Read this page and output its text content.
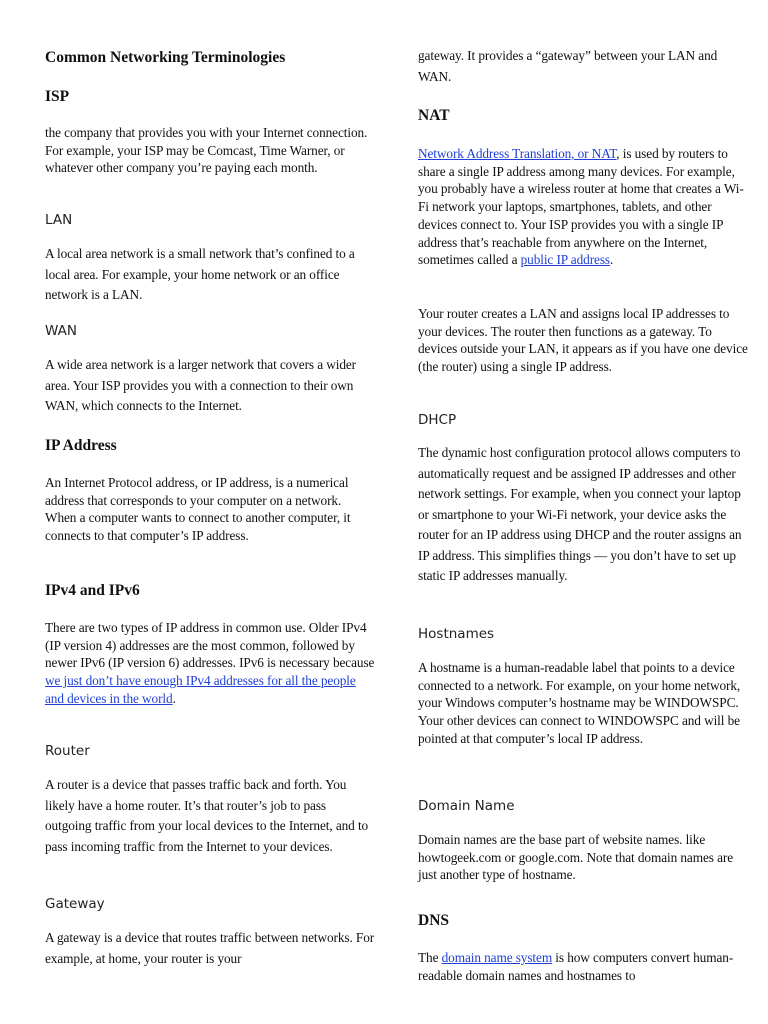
Common Networking Terminologies
ISP

the company that provides you with your Internet connection. For example, your ISP may be Comcast, Time Warner, or whatever other company you’re paying each month.

LAN

A local area network is a small network that’s confined to a local area. For example, your home network or an office network is a LAN.

WAN

A wide area network is a larger network that covers a wider area. Your ISP provides you with a connection to their own WAN, which connects to the Internet.

IP Address

An Internet Protocol address, or IP address, is a numerical address that corresponds to your computer on a network. When a computer wants to connect to another computer, it connects to that computer’s IP address.

IPv4 and IPv6

There are two types of IP address in common use. Older IPv4 (IP version 4) addresses are the most common, followed by newer IPv6 (IP version 6) addresses. IPv6 is necessary because we just don’t have enough IPv4 addresses for all the people and devices in the world.

Router

A router is a device that passes traffic back and forth. You likely have a home router. It’s that router’s job to pass outgoing traffic from your local devices to the Internet, and to pass incoming traffic from the Internet to your devices.

Gateway

A gateway is a device that routes traffic between networks. For example, at home, your router is your

gateway. It provides a “gateway” between your LAN and WAN.

NAT

Network Address Translation, or NAT, is used by routers to share a single IP address among many devices. For example, you probably have a wireless router at home that creates a Wi-Fi network your laptops, smartphones, tablets, and other devices connect to. Your ISP provides you with a single IP address that’s reachable from anywhere on the Internet, sometimes called a public IP address.

Your router creates a LAN and assigns local IP addresses to your devices. The router then functions as a gateway. To devices outside your LAN, it appears as if you have one device (the router) using a single IP address.

DHCP

The dynamic host configuration protocol allows computers to automatically request and be assigned IP addresses and other network settings. For example, when you connect your laptop or smartphone to your Wi-Fi network, your device asks the router for an IP address using DHCP and the router assigns an IP address. This simplifies things — you don’t have to set up static IP addresses manually.

Hostnames

A hostname is a human-readable label that points to a device connected to a network. For example, on your home network, your Windows computer’s hostname may be WINDOWSPC. Your other devices can connect to WINDOWSPC and will be pointed at that computer’s local IP address.

Domain Name

Domain names are the base part of website names. like howtogeek.com or google.com. Note that domain names are just another type of hostname.

DNS

The domain name system is how computers convert human-readable domain names and hostnames to
